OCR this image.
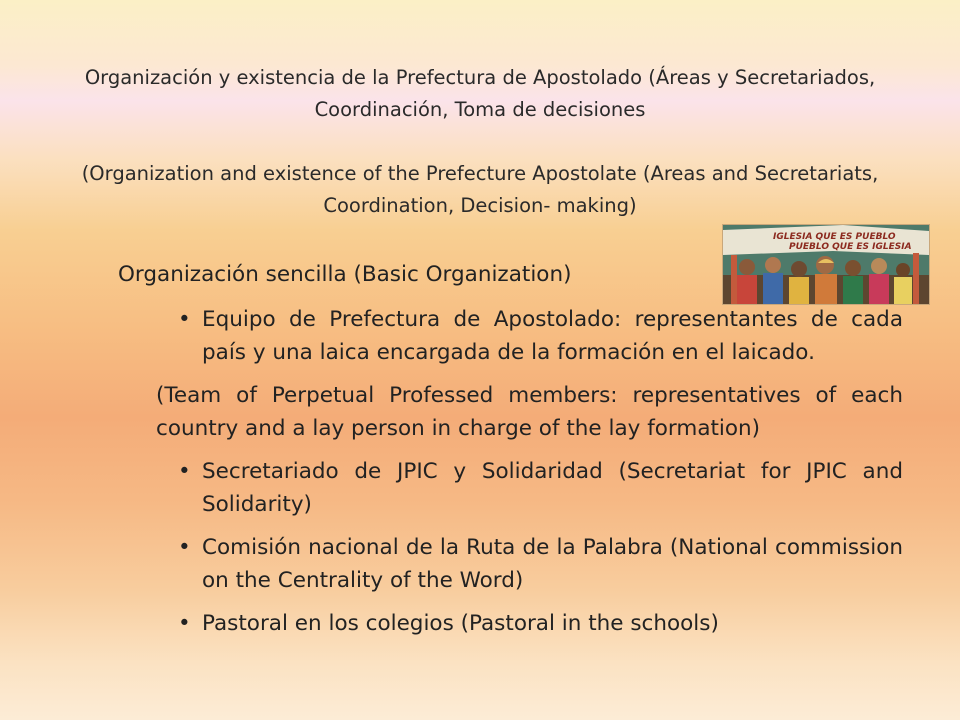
Organización y existencia de la Prefectura de Apostolado (Áreas y Secretariados, Coordinación, Toma de decisiones
(Organization and existence of the Prefecture Apostolate (Areas and Secretariats, Coordination, Decision- making)
IGLESIA QUE ES PUEBLO
PUEBLO QUE ES IGLESIA
Organización sencilla (Basic Organization)
• Equipo de Prefectura de Apostolado: representantes de cada país y una laica encargada de la formación en el laicado.
(Team of Perpetual Professed members: representatives of each country and a lay person in charge of the lay formation)
• Secretariado de JPIC y Solidaridad (Secretariat for JPIC and Solidarity)
• Comisión nacional de la Ruta de la Palabra (National commission on the Centrality of the Word)
• Pastoral en los colegios (Pastoral in the schools)
